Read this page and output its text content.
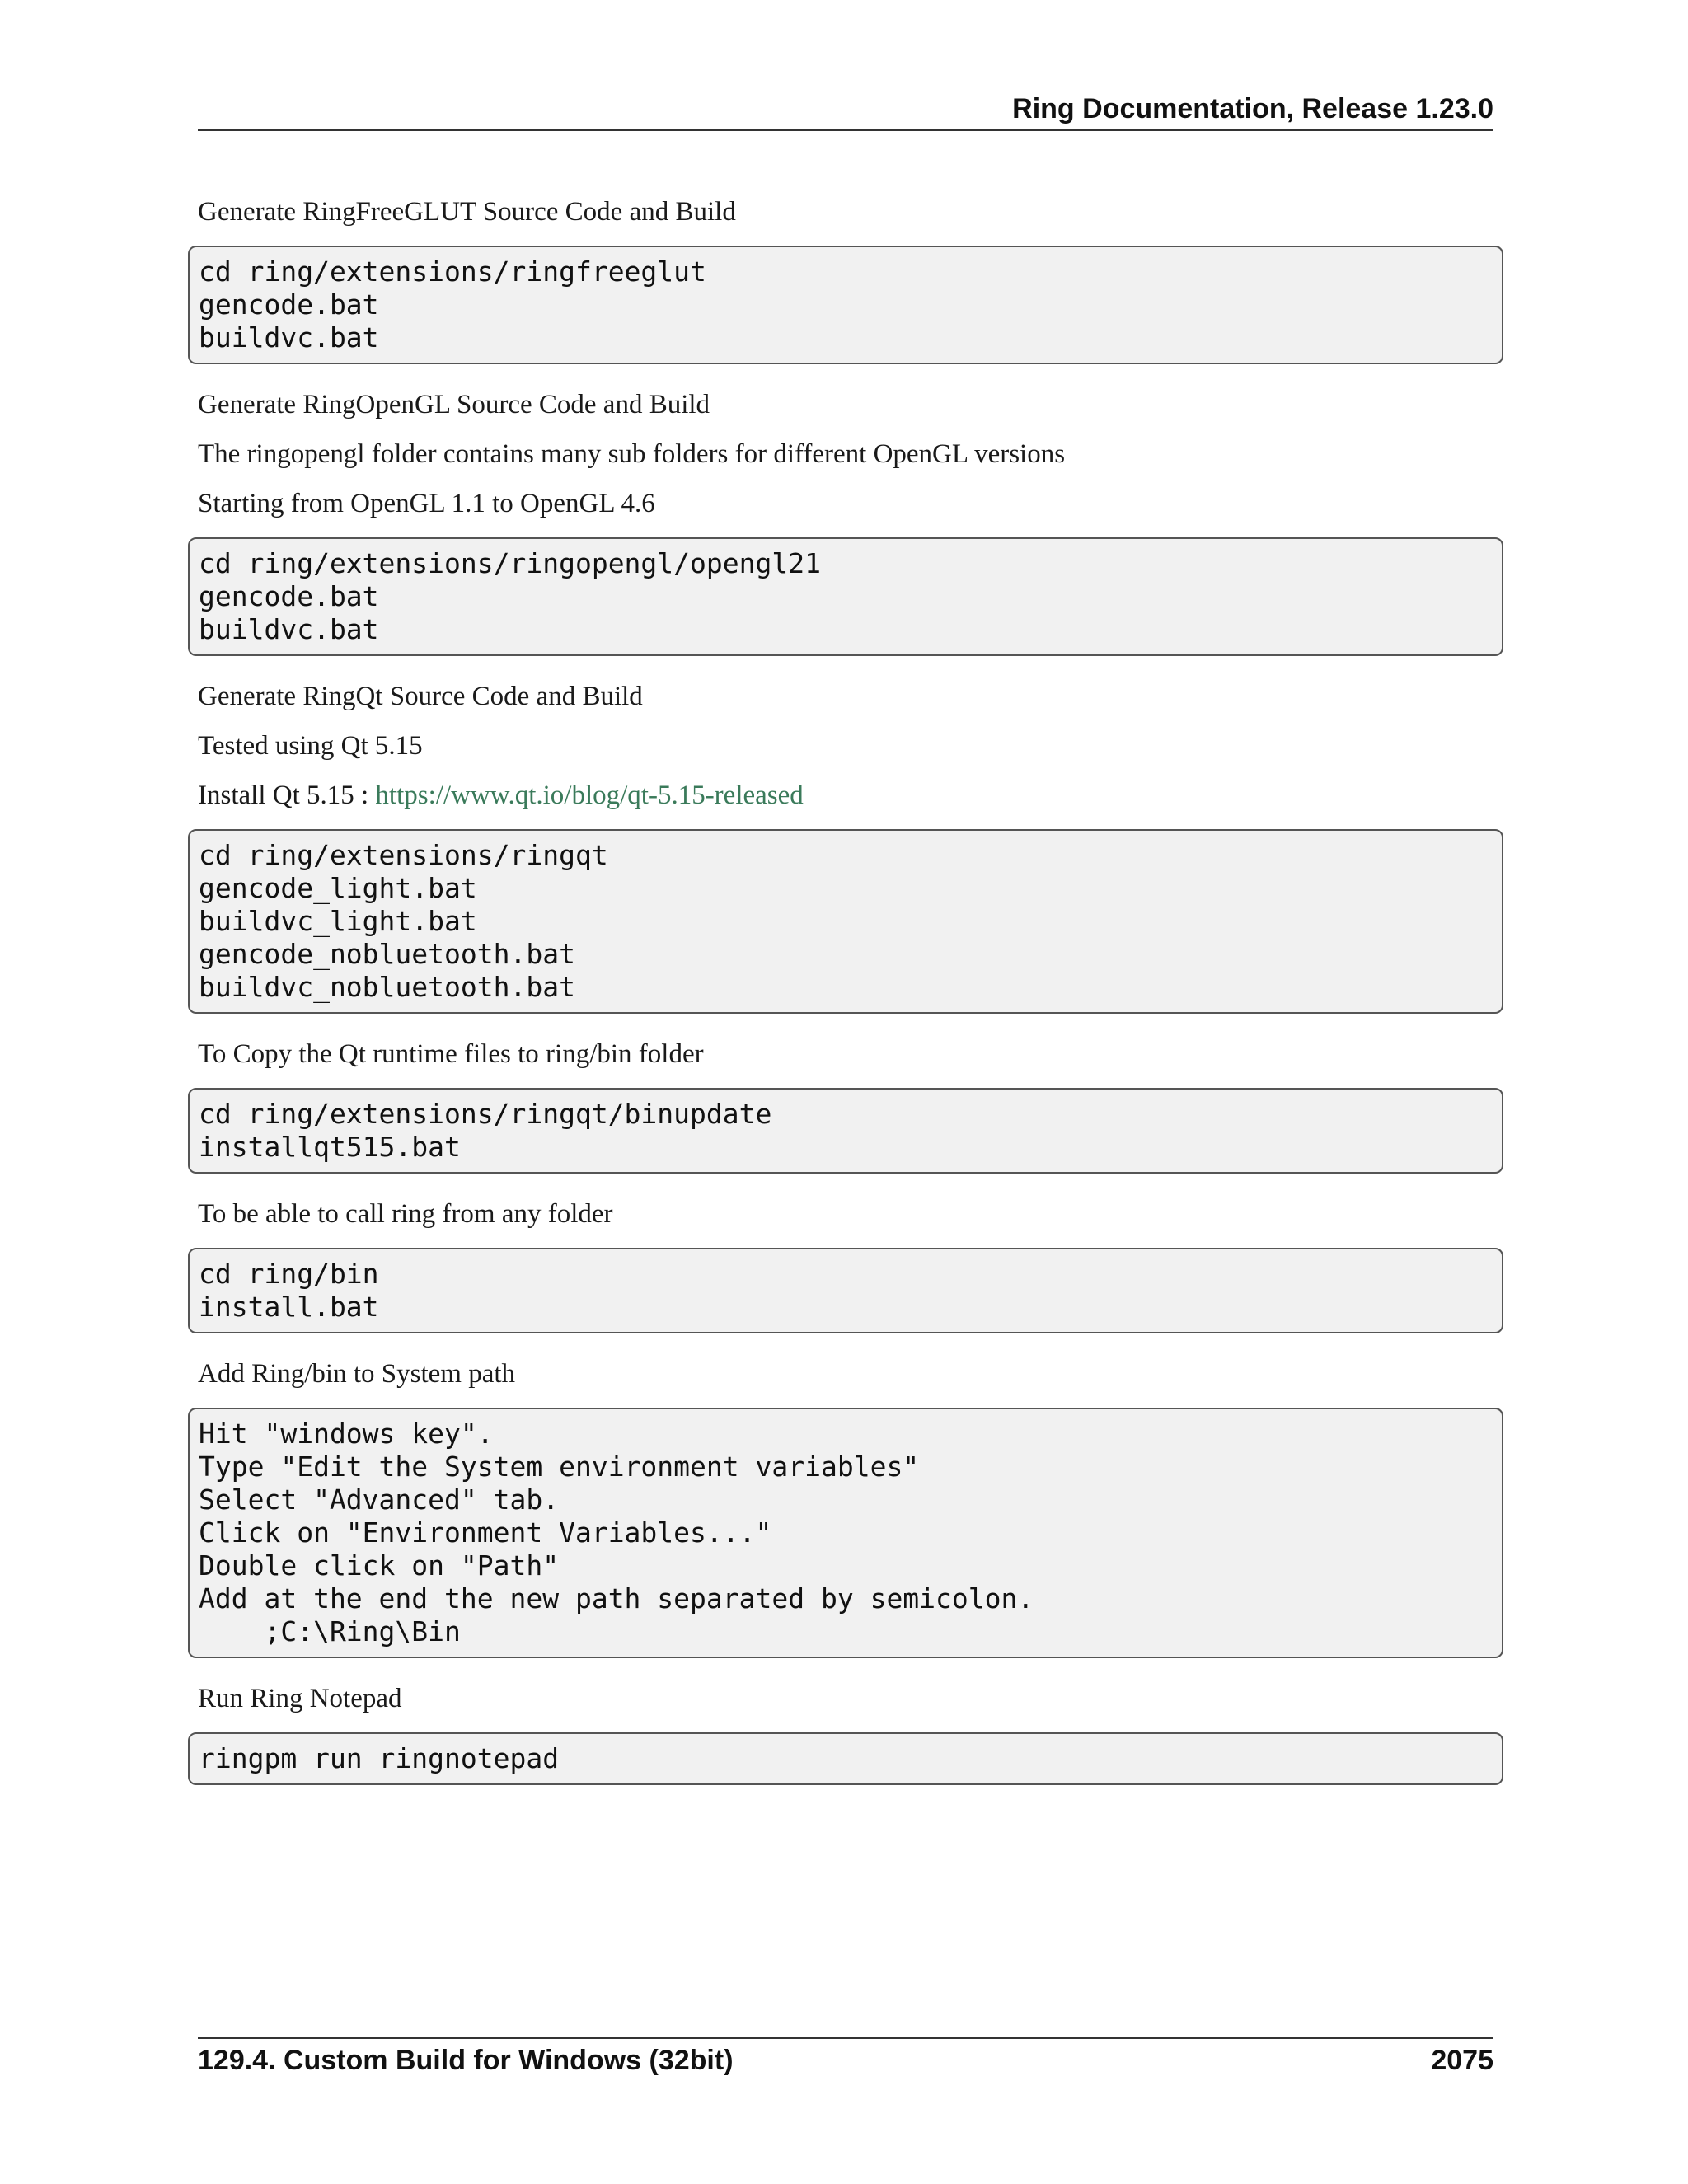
Ring Documentation, Release 1.23.0

Generate RingFreeGLUT Source Code and Build

cd ring/extensions/ringfreeglut
gencode.bat
buildvc.bat

Generate RingOpenGL Source Code and Build

The ringopengl folder contains many sub folders for different OpenGL versions

Starting from OpenGL 1.1 to OpenGL 4.6

cd ring/extensions/ringopengl/opengl21
gencode.bat
buildvc.bat

Generate RingQt Source Code and Build

Tested using Qt 5.15

Install Qt 5.15 : https://www.qt.io/blog/qt-5.15-released

cd ring/extensions/ringqt
gencode_light.bat
buildvc_light.bat
gencode_nobluetooth.bat
buildvc_nobluetooth.bat

To Copy the Qt runtime files to ring/bin folder

cd ring/extensions/ringqt/binupdate
installqt515.bat

To be able to call ring from any folder

cd ring/bin
install.bat

Add Ring/bin to System path

Hit "windows key".
Type "Edit the System environment variables"
Select "Advanced" tab.
Click on "Environment Variables..."
Double click on "Path"
Add at the end the new path separated by semicolon.
;C:\Ring\Bin

Run Ring Notepad

ringpm run ringnotepad
129.4. Custom Build for Windows (32bit)	2075
